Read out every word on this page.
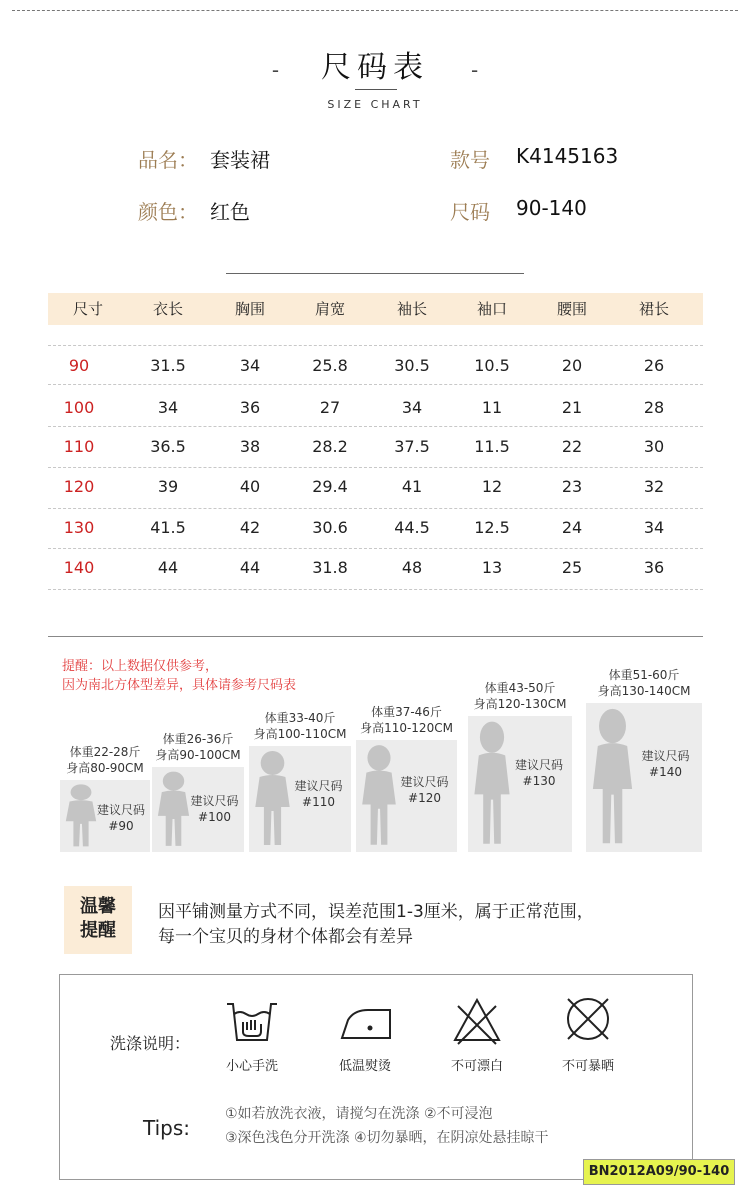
- 尺码表 -
SIZE CHART
品名： 套装裙	款号 K4145163
颜色： 红色	尺码 90-140
尺寸	衣长	胸围	肩宽	袖长	袖口	腰围	裙长
90	31.5	34	25.8	30.5	10.5	20	26
100	34	36	27	34	11	21	28
110	36.5	38	28.2	37.5	11.5	22	30
120	39	40	29.4	41	12	23	32
130	41.5	42	30.6	44.5	12.5	24	34
140	44	44	31.8	48	13	25	36
提醒：以上数据仅供参考，
因为南北方体型差异，具体请参考尺码表
建议尺码
#90
体重22-28斤
身高80-90CM
建议尺码
#100
体重26-36斤
身高90-100CM
建议尺码
#110
体重33-40斤
身高100-110CM
建议尺码
#120
体重37-46斤
身高110-120CM
建议尺码
#130
体重43-50斤
身高120-130CM
建议尺码
#140
体重51-60斤
身高130-140CM
温馨
提醒
因平铺测量方式不同，误差范围1-3厘米，属于正常范围，
每一个宝贝的身材个体都会有差异
洗涤说明：
小心手洗	低温熨烫	不可漂白	不可暴晒
Tips:
①如若放洗衣液，请搅匀在洗涤 ②不可浸泡
③深色浅色分开洗涤 ④切勿暴晒，在阴凉处悬挂晾干
BN2012A09/90-140
